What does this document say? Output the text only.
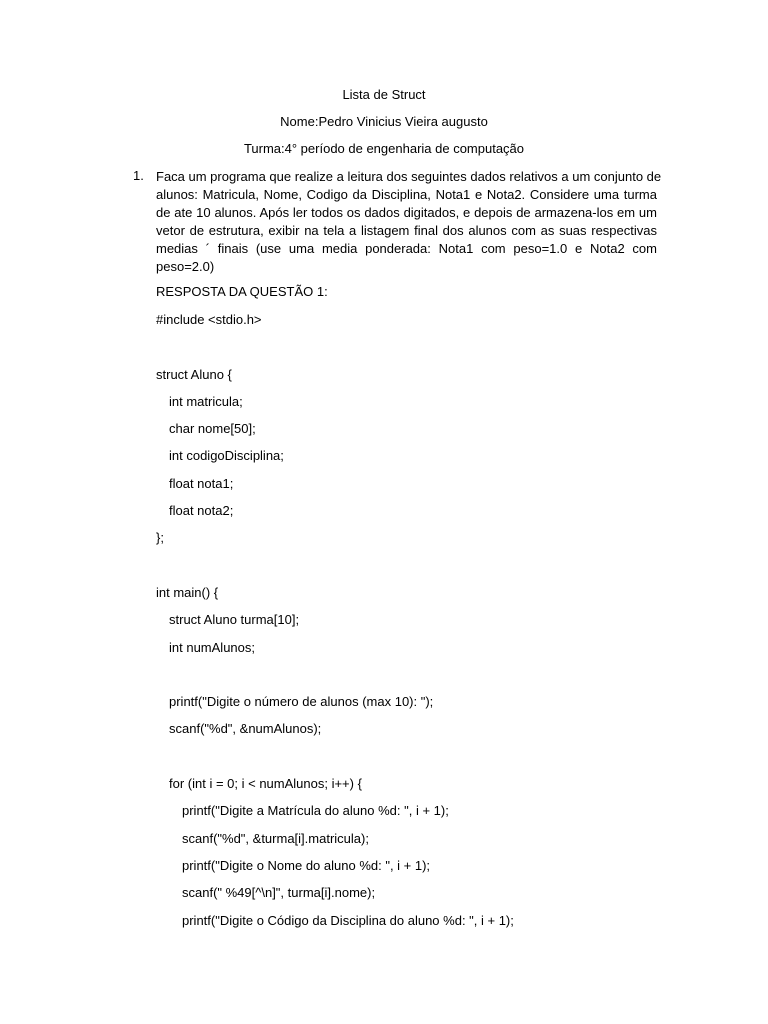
Lista de Struct
Nome:Pedro Vinicius Vieira augusto
Turma:4° período de engenharia de computação
1. Faca um programa que realize a leitura dos seguintes dados relativos a um conjunto de
alunos: Matricula, Nome, Codigo da Disciplina, Nota1 e Nota2. Considere uma turma
de ate 10 alunos. Após ler todos os dados digitados, e depois de armazena-los em um
vetor de estrutura, exibir na tela a listagem final dos alunos com as suas respectivas
medias ´ finais (use uma media ponderada: Nota1 com peso=1.0 e Nota2 com
peso=2.0)
RESPOSTA DA QUESTÃO 1:
#include <stdio.h>
struct Aluno {
int matricula;
char nome[50];
int codigoDisciplina;
float nota1;
float nota2;
};
int main() {
struct Aluno turma[10];
int numAlunos;
printf("Digite o número de alunos (max 10): ");
scanf("%d", &numAlunos);
for (int i = 0; i < numAlunos; i++) {
printf("Digite a Matrícula do aluno %d: ", i + 1);
scanf("%d", &turma[i].matricula);
printf("Digite o Nome do aluno %d: ", i + 1);
scanf(" %49[^\n]", turma[i].nome);
printf("Digite o Código da Disciplina do aluno %d: ", i + 1);
